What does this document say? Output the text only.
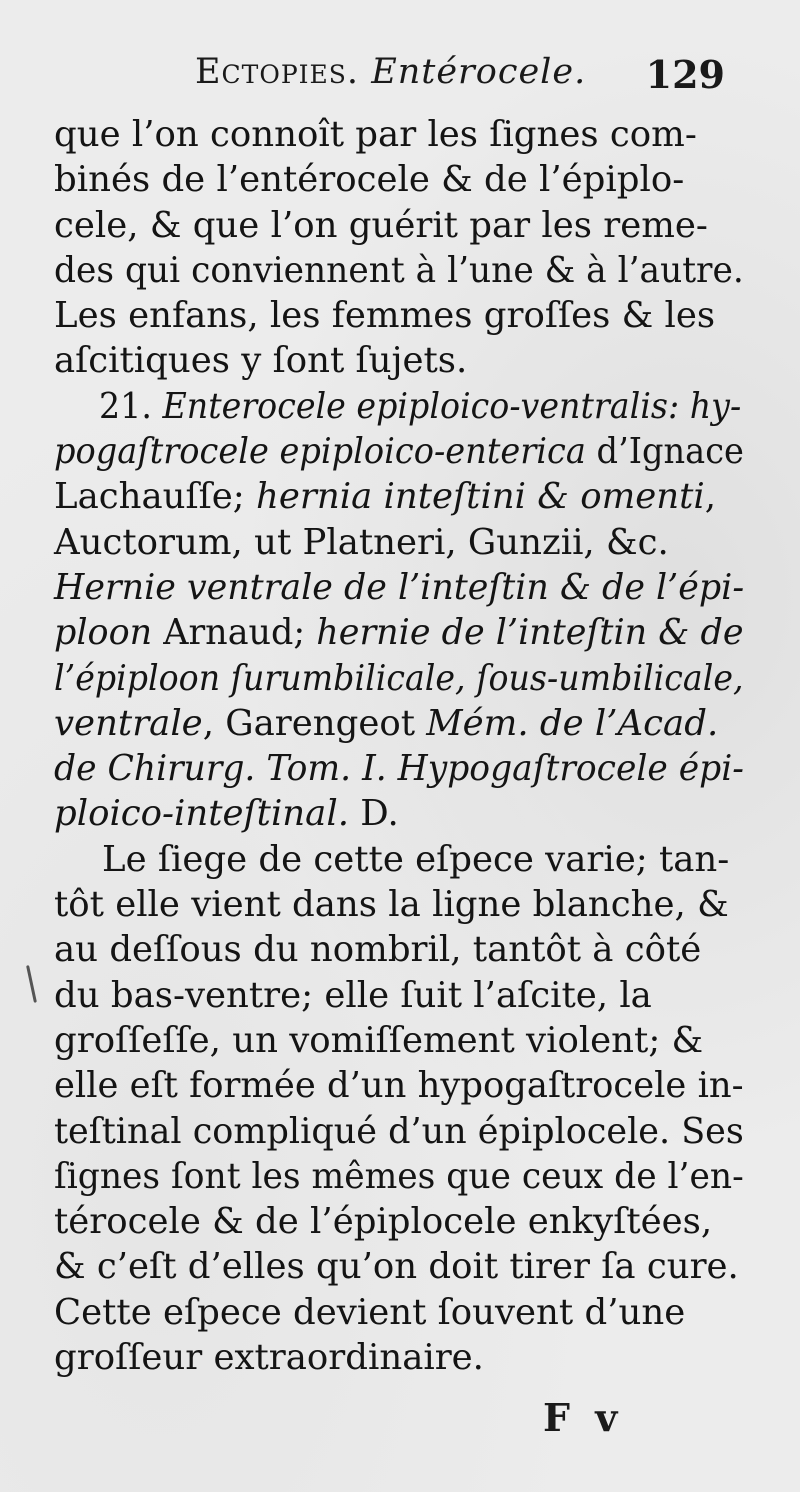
Ectopies. Entérocele. 129
que l’on connoît par les ſignes com-
binés de l’entérocele & de l’épiplo-
cele, & que l’on guérit par les reme-
des qui conviennent à l’une & à l’autre.
Les enfans, les femmes groſſes & les
aſcitiques y ſont ſujets.
21. Enterocele epiploico-ventralis: hy-
pogaſtrocele epiploico-enterica d’Ignace
Lachauſſe; hernia inteſtini & omenti,
Auctorum, ut Platneri, Gunzii, &c.
Hernie ventrale de l’inteſtin & de l’épi-
ploon Arnaud; hernie de l’inteſtin & de
l’épiploon ſurumbilicale, ſous-umbilicale,
ventrale, Garengeot Mém. de l’Acad.
de Chirurg. Tom. I. Hypogaſtrocele épi-
ploico-inteſtinal. D.
Le ſiege de cette eſpece varie; tan-
tôt elle vient dans la ligne blanche, &
au deſſous du nombril, tantôt à côté
du bas-ventre; elle ſuit l’aſcite, la
groſſeſſe, un vomiſſement violent; &
elle eſt formée d’un hypogaſtrocele in-
teſtinal compliqué d’un épiplocele. Ses
ſignes ſont les mêmes que ceux de l’en-
térocele & de l’épiplocele enkyſtées,
& c’eſt d’elles qu’on doit tirer ſa cure.
Cette eſpece devient ſouvent d’une
groſſeur extraordinaire.
F v
